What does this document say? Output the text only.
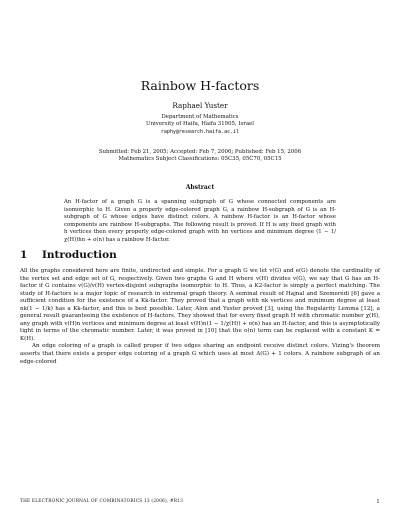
Rainbow H-factors
Raphael Yuster
Department of Mathematics
University of Haifa, Haifa 31905, Israel
raphy@research.haifa.ac.il
Submitted: Feb 21, 2005; Accepted: Feb 7, 2006; Published: Feb 15, 2006
Mathematics Subject Classifications: 05C35, 05C70, 05C15
Abstract
An H-factor of a graph G is a spanning subgraph of G whose connected components are isomorphic to H. Given a properly edge-colored graph G, a rainbow H-subgraph of G is an H-subgraph of G whose edges have distinct colors. A rainbow H-factor is an H-factor whose components are rainbow H-subgraphs. The following result is proved. If H is any fixed graph with h vertices then every properly edge-colored graph with hn vertices and minimum degree (1 − 1/χ(H))hn + o(n) has a rainbow H-factor.
1 Introduction

All the graphs considered here are finite, undirected and simple. For a graph G we let v(G) and e(G) denote the cardinality of the vertex set and edge set of G, respectively. Given two graphs G and H where v(H) divides v(G), we say that G has an H-factor if G contains v(G)/v(H) vertex-disjoint subgraphs isomorphic to H. Thus, a K2-factor is simply a perfect matching. The study of H-factors is a major topic of research in extremal graph theory. A seminal result of Hajnal and Szemerédi [6] gave a sufficient condition for the existence of a Kk-factor. They proved that a graph with nk vertices and minimum degree at least nk(1 − 1/k) has a Kk-factor, and this is best possible. Later, Alon and Yuster proved [3], using the Regularity Lemma [12], a general result guaranteeing the existence of H-factors. They showed that for every fixed graph H with chromatic number χ(H), any graph with v(H)n vertices and minimum degree at least v(H)n(1 − 1/χ(H)) + o(n) has an H-factor, and this is asymptotically tight in terms of the chromatic number. Later, it was proved in [10] that the o(n) term can be replaced with a constant K = K(H).

An edge coloring of a graph is called proper if two edges sharing an endpoint receive distinct colors. Vizing's theorem asserts that there exists a proper edge coloring of a graph G which uses at most Δ(G) + 1 colors. A rainbow subgraph of an edge-colored

THE ELECTRONIC JOURNAL OF COMBINATORICS 13 (2006), #R13	1
